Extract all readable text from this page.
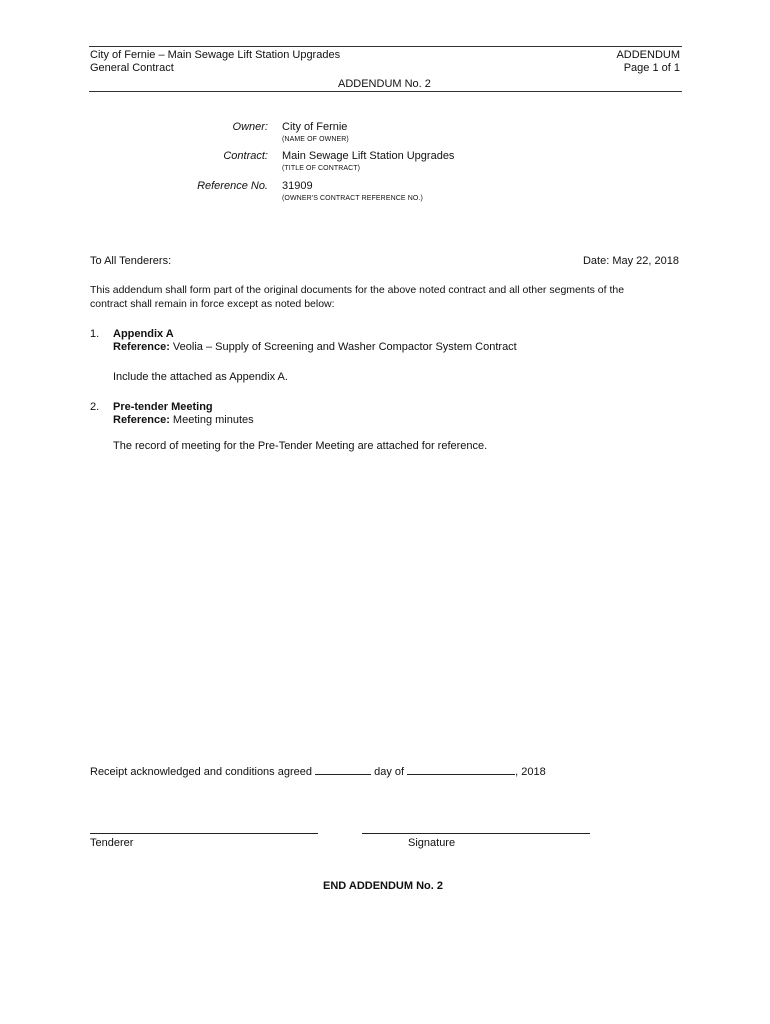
City of Fernie – Main Sewage Lift Station Upgrades
General Contract
ADDENDUM
Page 1 of 1
ADDENDUM No. 2
Owner: City of Fernie
(NAME OF OWNER)
Contract: Main Sewage Lift Station Upgrades
(TITLE OF CONTRACT)
Reference No. 31909
(OWNER'S CONTRACT REFERENCE NO.)
To All Tenderers:	Date: May 22, 2018
This addendum shall form part of the original documents for the above noted contract and all other segments of the
contract shall remain in force except as noted below:
1. Appendix A
Reference: Veolia – Supply of Screening and Washer Compactor System Contract
Include the attached as Appendix A.
2. Pre-tender Meeting
Reference: Meeting minutes
The record of meeting for the Pre-Tender Meeting are attached for reference.
Receipt acknowledged and conditions agreed	day of	, 2018
Tenderer	Signature
END ADDENDUM No. 2
